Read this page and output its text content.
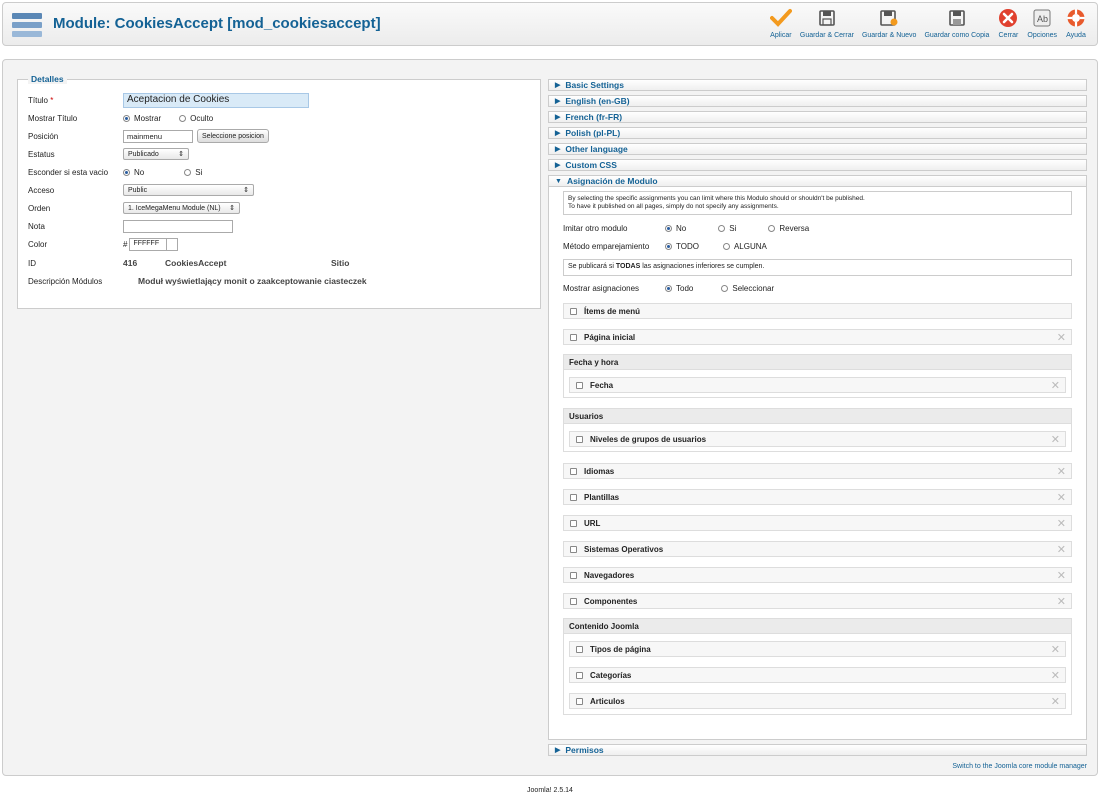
Module: CookiesAccept [mod_cookiesaccept]
Aplicar Guardar & Cerrar Guardar & Nuevo Guardar como Copia Cerrar
Ab
Opciones Ayuda
Detalles
Título *	Aceptacion de Cookies
Mostrar Título	Mostrar	Oculto
Posición	mainmenu	Seleccione posicion
Estatus	Publicado	⇕
Esconder si esta vacio	No	Si
Acceso	Public	⇕
Orden	1. IceMegaMenu Module (NL) ⇕
Nota
Color	# FFFFFF
ID	416	CookiesAccept	Sitio
Descripción Módulos	Moduł wyświetlający monit o zaakceptowanie ciasteczek
▶ Basic Settings
▶ English (en-GB)
▶ French (fr-FR)
▶ Polish (pl-PL)
▶ Other language
▶ Custom CSS
▼ Asignación de Modulo
By selecting the specific assignments you can limit where this Modulo should or shouldn't be published.
To have it published on all pages, simply do not specify any assignments.
Imitar otro modulo	No	Si	Reversa
Método emparejamiento	TODO	ALGUNA
Se publicará si TODAS las asignaciones inferiores se cumplen.
Mostrar asignaciones	Todo	Seleccionar
Ítems de menú
Página inicial	✕
Fecha y hora
Fecha	✕
Usuarios
Niveles de grupos de usuarios	✕
Idiomas	✕
Plantillas	✕
URL	✕
Sistemas Operativos	✕
Navegadores	✕
Componentes	✕
Contenido Joomla
Tipos de página	✕
Categorías	✕
Articulos	✕
▶ Permisos
Switch to the Joomla core module manager
Joomla! 2.5.14
